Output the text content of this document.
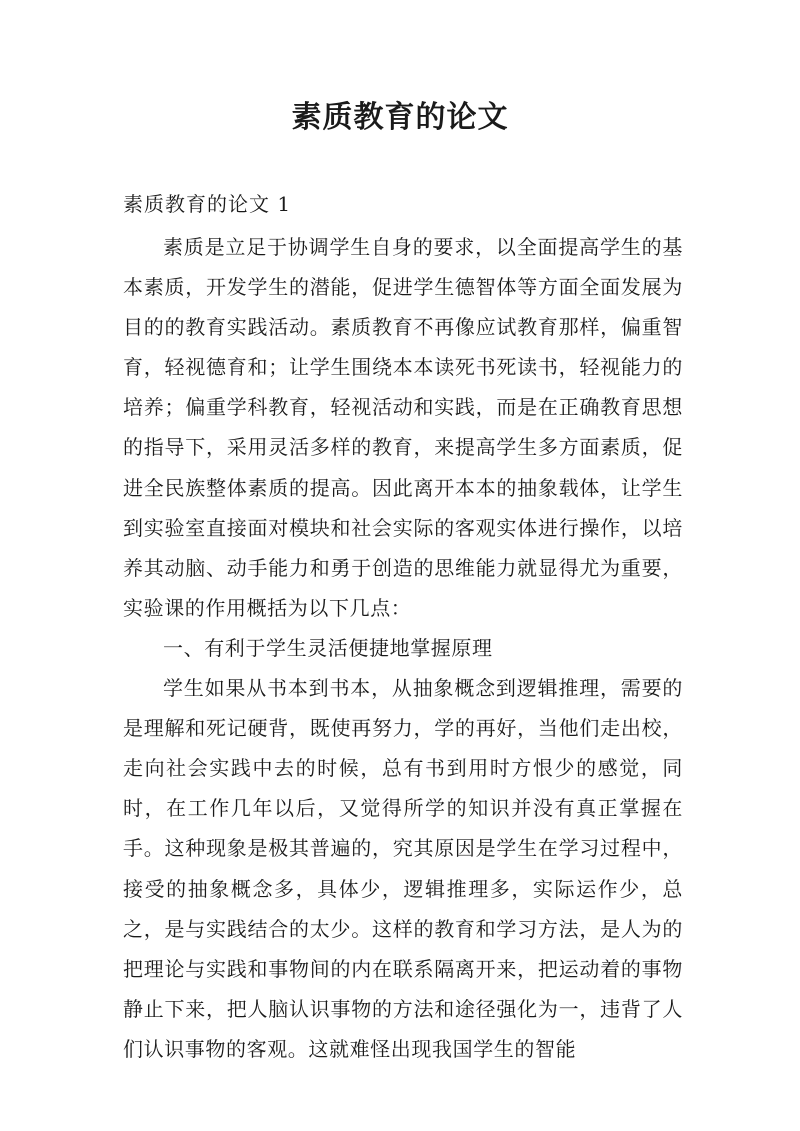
素质教育的论文
素质教育的论文 1

素质是立足于协调学生自身的要求，以全面提高学生的基本素质，开发学生的潜能，促进学生德智体等方面全面发展为目的的教育实践活动。素质教育不再像应试教育那样，偏重智育，轻视德育和；让学生围绕本本读死书死读书，轻视能力的培养；偏重学科教育，轻视活动和实践，而是在正确教育思想的指导下，采用灵活多样的教育，来提高学生多方面素质，促进全民族整体素质的提高。因此离开本本的抽象载体，让学生到实验室直接面对模块和社会实际的客观实体进行操作，以培养其动脑、动手能力和勇于创造的思维能力就显得尤为重要，实验课的作用概括为以下几点：

一、有利于学生灵活便捷地掌握原理

学生如果从书本到书本，从抽象概念到逻辑推理，需要的是理解和死记硬背，既使再努力，学的再好，当他们走出校，走向社会实践中去的时候，总有书到用时方恨少的感觉，同时，在工作几年以后，又觉得所学的知识并没有真正掌握在手。这种现象是极其普遍的，究其原因是学生在学习过程中，接受的抽象概念多，具体少，逻辑推理多，实际运作少，总之，是与实践结合的太少。这样的教育和学习方法，是人为的把理论与实践和事物间的内在联系隔离开来，把运动着的事物静止下来，把人脑认识事物的方法和途径强化为一，违背了人们认识事物的客观。这就难怪出现我国学生的智能
